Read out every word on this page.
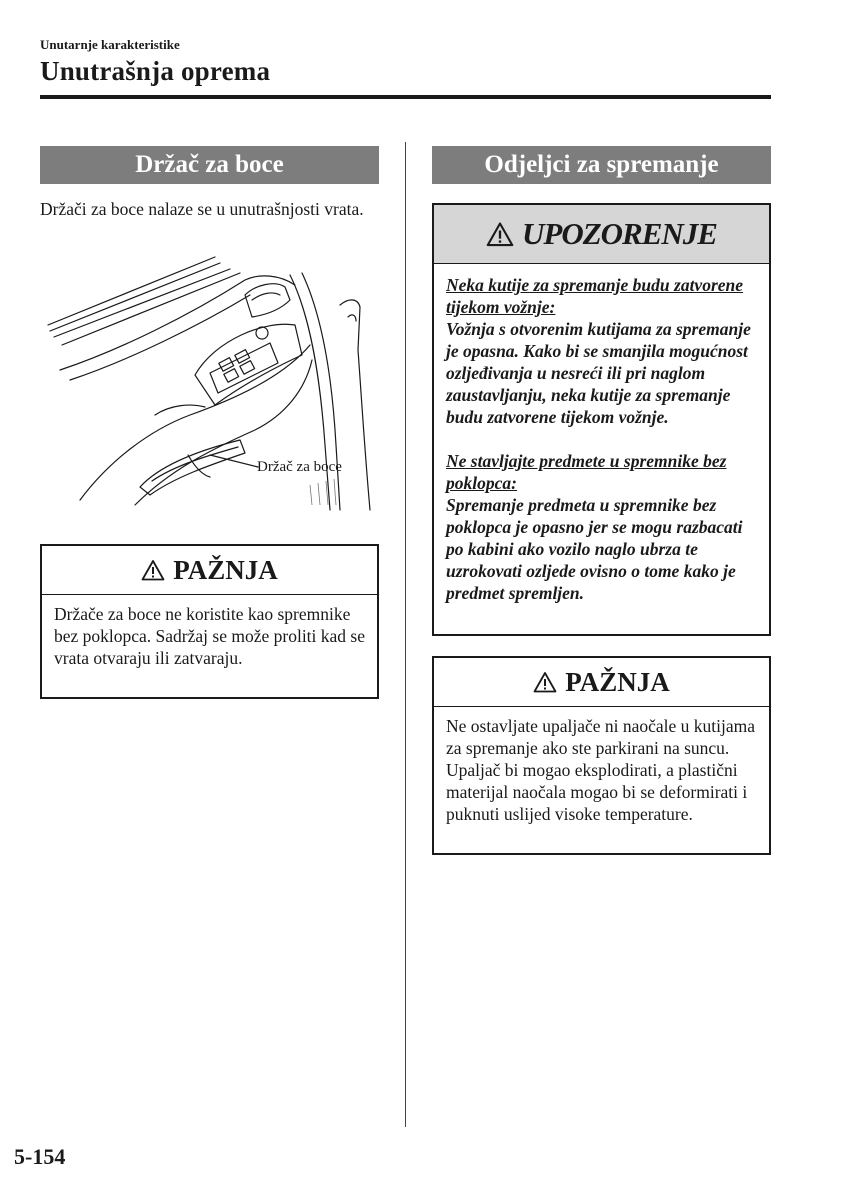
Unutarnje karakteristike
Unutrašnja oprema
Držač za boce
Držači za boce nalaze se u unutrašnjosti vrata.
Držač za boce
PAŽNJA
Držače za boce ne koristite kao spremnike bez poklopca. Sadržaj se može proliti kad se vrata otvaraju ili zatvaraju.
Odjeljci za spremanje
UPOZORENJE

Neka kutije za spremanje budu zatvorene tijekom vožnje:

Vožnja s otvorenim kutijama za spremanje je opasna. Kako bi se smanjila mogućnost ozljeđivanja u nesreći ili pri naglom zaustavljanju, neka kutije za spremanje budu zatvorene tijekom vožnje.

Ne stavljajte predmete u spremnike bez poklopca:

Spremanje predmeta u spremnike bez poklopca je opasno jer se mogu razbacati po kabini ako vozilo naglo ubrza te uzrokovati ozljede ovisno o tome kako je predmet spremljen.

PAŽNJA
Ne ostavljate upaljače ni naočale u kutijama za spremanje ako ste parkirani na suncu. Upaljač bi mogao eksplodirati, a plastični materijal naočala mogao bi se deformirati i puknuti uslijed visoke temperature.
5-154
